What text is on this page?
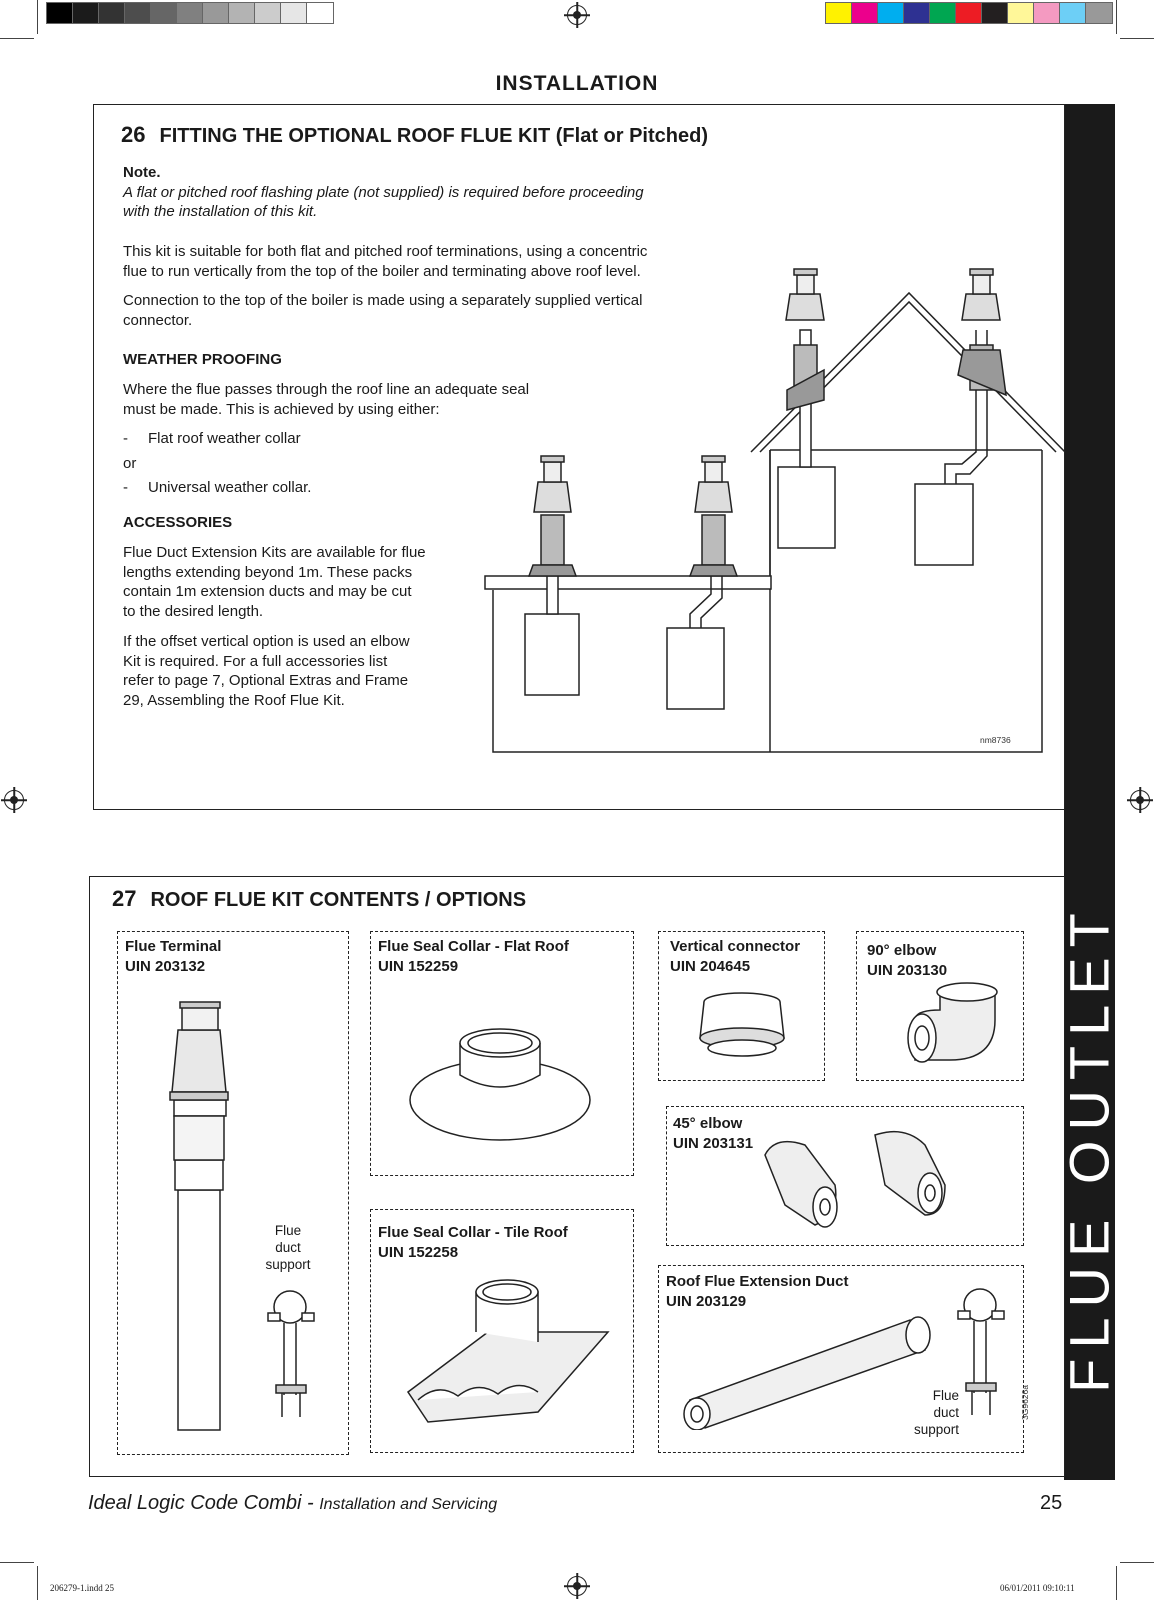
INSTALLATION
FLUE OUTLET
26 FITTING THE OPTIONAL ROOF FLUE KIT (Flat or Pitched)
Note.
A flat or pitched roof flashing plate (not supplied) is required before proceeding
with the installation of this kit.
This kit is suitable for both flat and pitched roof terminations, using a concentric
flue to run vertically from the top of the boiler and terminating above roof level.
Connection to the top of the boiler is made using a separately supplied vertical
connector.
WEATHER PROOFING
Where the flue passes through the roof line an adequate seal
must be made. This is achieved by using either:
- Flat roof weather collar
or
- Universal weather collar.
ACCESSORIES
Flue Duct Extension Kits are available for flue
lengths extending beyond 1m. These packs
contain 1m extension ducts and may be cut
to the desired length.
If the offset vertical option is used an elbow
Kit is required. For a full accessories list
refer to page 7, Optional Extras and Frame
29, Assembling the Roof Flue Kit.
nm8736
27 ROOF FLUE KIT CONTENTS / OPTIONS
Flue Terminal
UIN 203132
Flue
duct
support
Flue Seal Collar - Flat Roof
UIN 152259
Flue Seal Collar - Tile Roof
UIN 152258
Vertical connector
UIN 204645
90° elbow
UIN 203130
45° elbow
UIN 203131
Roof Flue Extension Duct
UIN 203129
Flue
duct
support
3G9626a
Ideal Logic Code Combi - Installation and Servicing	25
206279-1.indd 25	06/01/2011 09:10:11
